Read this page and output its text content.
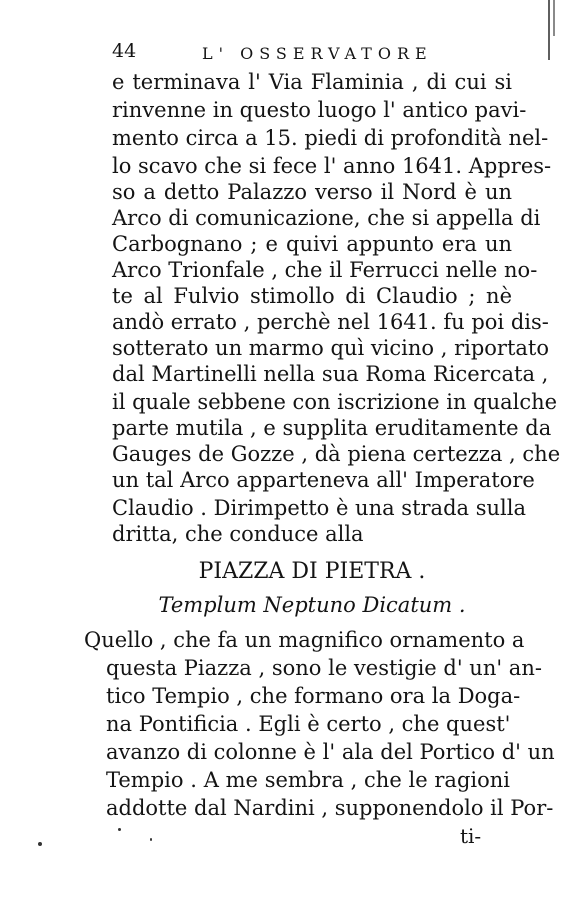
44	L' OSSERVATORE
e terminava l' Via Flaminia , di cui si
rinvenne in questo luogo l' antico pavi-
mento circa a 15. piedi di profondità nel-
lo scavo che si fece l' anno 1641. Appres-
so a detto Palazzo verso il Nord è un
Arco di comunicazione, che si appella di
Carbognano ; e quivi appunto era un
Arco Trionfale , che il Ferrucci nelle no-
te al Fulvio stimollo di Claudio ; nè
andò errato , perchè nel 1641. fu poi dis-
sotterato un marmo quì vicino , riportato
dal Martinelli nella sua Roma Ricercata ,
il quale sebbene con iscrizione in qualche
parte mutila , e supplita eruditamente da
Gauges de Gozze , dà piena certezza , che
un tal Arco apparteneva all' Imperatore
Claudio . Dirimpetto è una strada sulla
dritta, che conduce alla
PIAZZA DI PIETRA .
Templum Neptuno Dicatum .
Quello , che fa un magnifico ornamento a
questa Piazza , sono le vestigie d' un' an-
tico Tempio , che formano ora la Doga-
na Pontificia . Egli è certo , che quest'
avanzo di colonne è l' ala del Portico d' un
Tempio . A me sembra , che le ragioni
addotte dal Nardini , supponendolo il Por-
ti-
